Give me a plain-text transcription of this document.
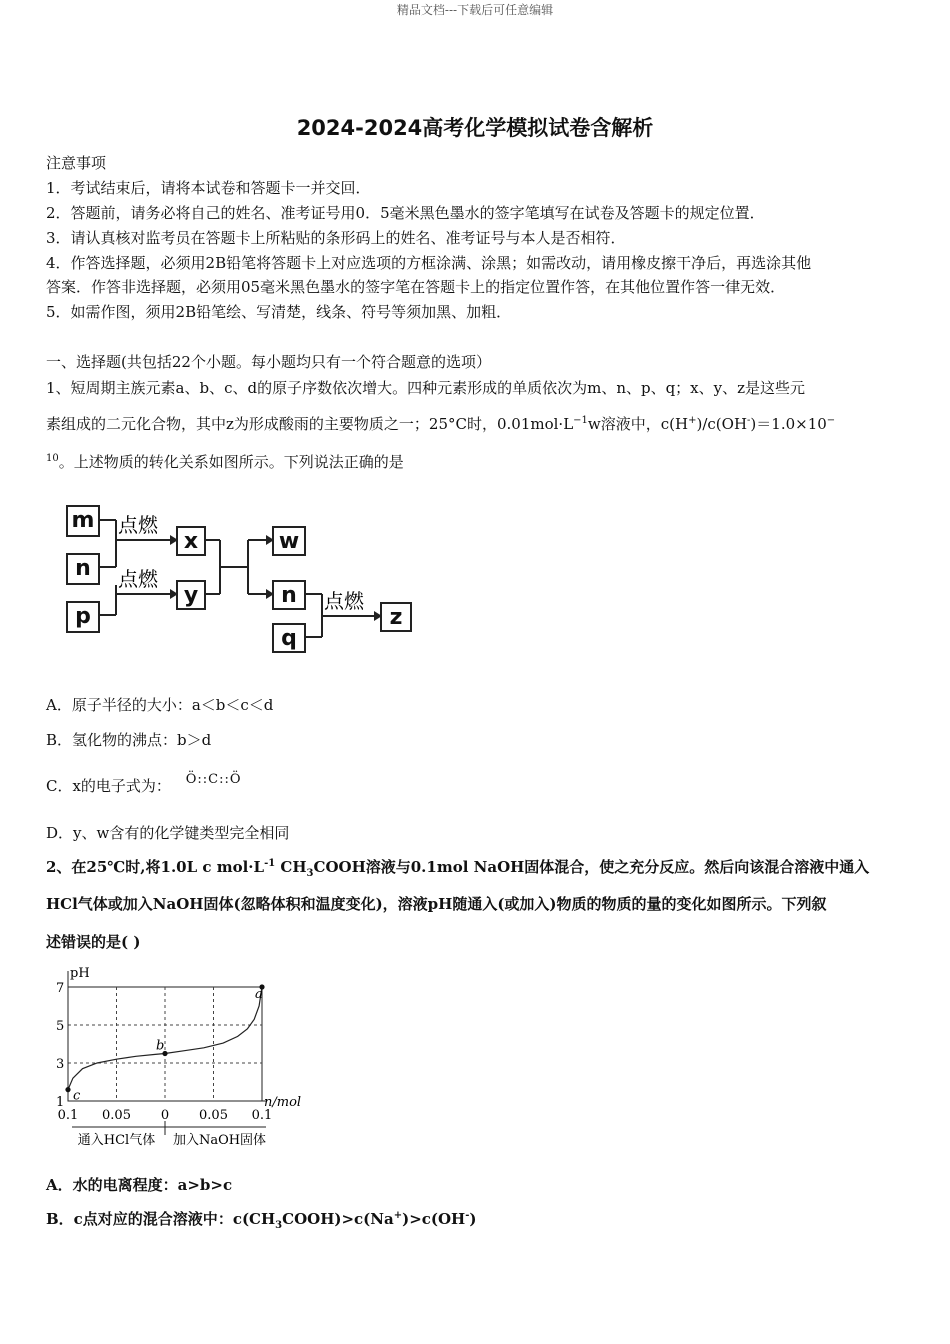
精品文档---下载后可任意编辑
2024-2024高考化学模拟试卷含解析
注意事项
1．考试结束后，请将本试卷和答题卡一并交回．
2．答题前，请务必将自己的姓名、准考证号用0．5毫米黑色墨水的签字笔填写在试卷及答题卡的规定位置．
3．请认真核对监考员在答题卡上所粘贴的条形码上的姓名、准考证号与本人是否相符．
4．作答选择题，必须用2B铅笔将答题卡上对应选项的方框涂满、涂黑；如需改动，请用橡皮擦干净后，再选涂其他
答案．作答非选择题，必须用05毫米黑色墨水的签字笔在答题卡上的指定位置作答，在其他位置作答一律无效．
5．如需作图，须用2B铅笔绘、写清楚，线条、符号等须加黑、加粗．
一、选择题(共包括22个小题。每小题均只有一个符合题意的选项）
1、短周期主族元素a、b、c、d的原子序数依次增大。四种元素形成的单质依次为m、n、p、q；x、y、z是这些元
素组成的二元化合物，其中z为形成酸雨的主要物质之一；25°C时，$0.01mol\cdot L^{-1}w$溶液中，c(H+)/c(OH-)＝1.0×10−
$^{10}$。上述物质的转化关系如图所示。下列说法正确的是
点燃
点燃
点燃
m
n
p
x
y
w
n
q
z
A．原子半径的大小：a＜b＜c＜d
B．氢化物的沸点：b＞d
C．x的电子式为： Ö::C::Ö
D．y、w含有的化学键类型完全相同
2、在25℃时,将1.0L c $mol\cdot L^{-1}$ $CH_3COOH$溶液与0.1mol NaOH固体混合，使之充分反应。然后向该混合溶液中通入
HCl气体或加入NaOH固体(忽略体积和温度变化)，溶液pH随通入(或加入)物质的物质的量的变化如图所示。下列叙
述错误的是( )
pH
1
3
5
7
n/mol
0.1 0.05 0 0.05 0.1
通入HCl气体 加入NaOH固体
a
b
c
A．水的电离程度：a>b>c
B．c点对应的混合溶液中：$c(CH_3COOH)>c(Na^+)>c(OH^-)$
